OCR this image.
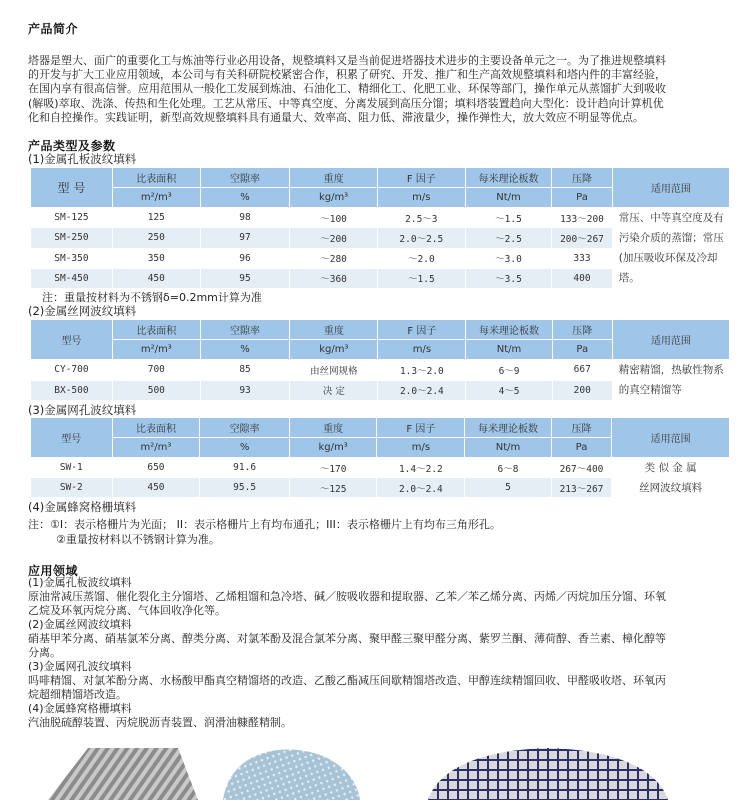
产品简介
塔器是塑大、面广的重要化工与炼油等行业必用设备，规整填料又是当前促进塔器技术进步的主要设备单元之一。为了推进规整填料
的开发与扩大工业应用领域，本公司与有关科研院校紧密合作，积累了研究、开发、推广和生产高效规整填料和塔内件的丰富经验，
在国内享有很高信誉。应用范围从一般化工发展到炼油、石油化工、精细化工、化肥工业、环保等部门，操作单元从蒸馏扩大到吸收
(解吸)萃取、洗涤、传热和生化处理。工艺从常压、中等真空度、分离发展到高压分馏；填料塔装置趋向大型化：设计趋向计算机优
化和自控操作。实践证明，新型高效规整填料具有通量大、效率高、阻力低、滞液量少，操作弹性大，放大效应不明显等优点。
产品类型及参数
(1)金属孔板波纹填料
型 号	比表面积	空隙率	重度	F 因子	每米理论板数	压降	适用范围
	m²/m³	%	kg/m³	m/s	Nt/m	Pa	
SM-125	125	98	～100	2.5～3	～1.5	133～200	常压、中等真空度及有污染介质的蒸馏；常压(加压吸收环保及冷却塔。
SM-250	250	97	～200	2.0～2.5	～2.5	200～267	
SM-350	350	96	～280	～2.0	～3.0	333	
SM-450	450	95	～360	～1.5	～3.5	400	
注：重量按材料为不锈钢δ=0.2mm计算为准
(2)金属丝网波纹填料
型号	比表面积	空隙率	重度	F 因子	每米理论板数	压降	适用范围
	m²/m³	%	kg/m³	m/s	Nt/m	Pa	
CY-700	700	85	由丝网规格	1.3～2.0	6～9	667	精密精馏，热敏性物系的真空精馏等
BX-500	500	93	决 定	2.0～2.4	4～5	200	
(3)金属网孔波纹填料
型号	比表面积	空隙率	重度	F 因子	每米理论板数	压降	适用范围
	m²/m³	%	kg/m³	m/s	Nt/m	Pa	
SW-1	650	91.6	～170	1.4～2.2	6～8	267～400	类 似 金 属
SW-2	450	95.5	～125	2.0～2.4	5	213～267	丝网波纹填料
(4)金属蜂窝格栅填料
注：①I：表示格栅片为光面； II：表示格栅片上有均布通孔；III：表示格栅片上有均布三角形孔。
②重量按材料以不锈钢计算为准。
应用领域
(1)金属孔板波纹填料
原油常减压蒸馏、催化裂化主分馏塔、乙烯粗馏和急冷塔、碱／胺吸收器和提取器、乙苯／苯乙烯分离、丙烯／丙烷加压分馏、环氧
乙烷及环氧丙烷分离、气体回收净化等。
(2)金属丝网波纹填料
硝基甲苯分离、硝基氯苯分离、醇类分离、对氯苯酚及混合氯苯分离、聚甲醛三聚甲醛分离、紫罗兰酮、薄荷醇、香兰素、樟化醇等
分离。
(3)金属网孔波纹填料
吗啡精馏、对氯苯酚分离、水杨酸甲酯真空精馏塔的改造、乙酸乙酯减压间歇精馏塔改造、甲醇连续精馏回收、甲醛吸收塔、环氧丙
烷超细精馏塔改造。
(4)金属蜂窝格栅填料
汽油脱硫醇装置、丙烷脱沥青装置、润滑油糠醛精制。
